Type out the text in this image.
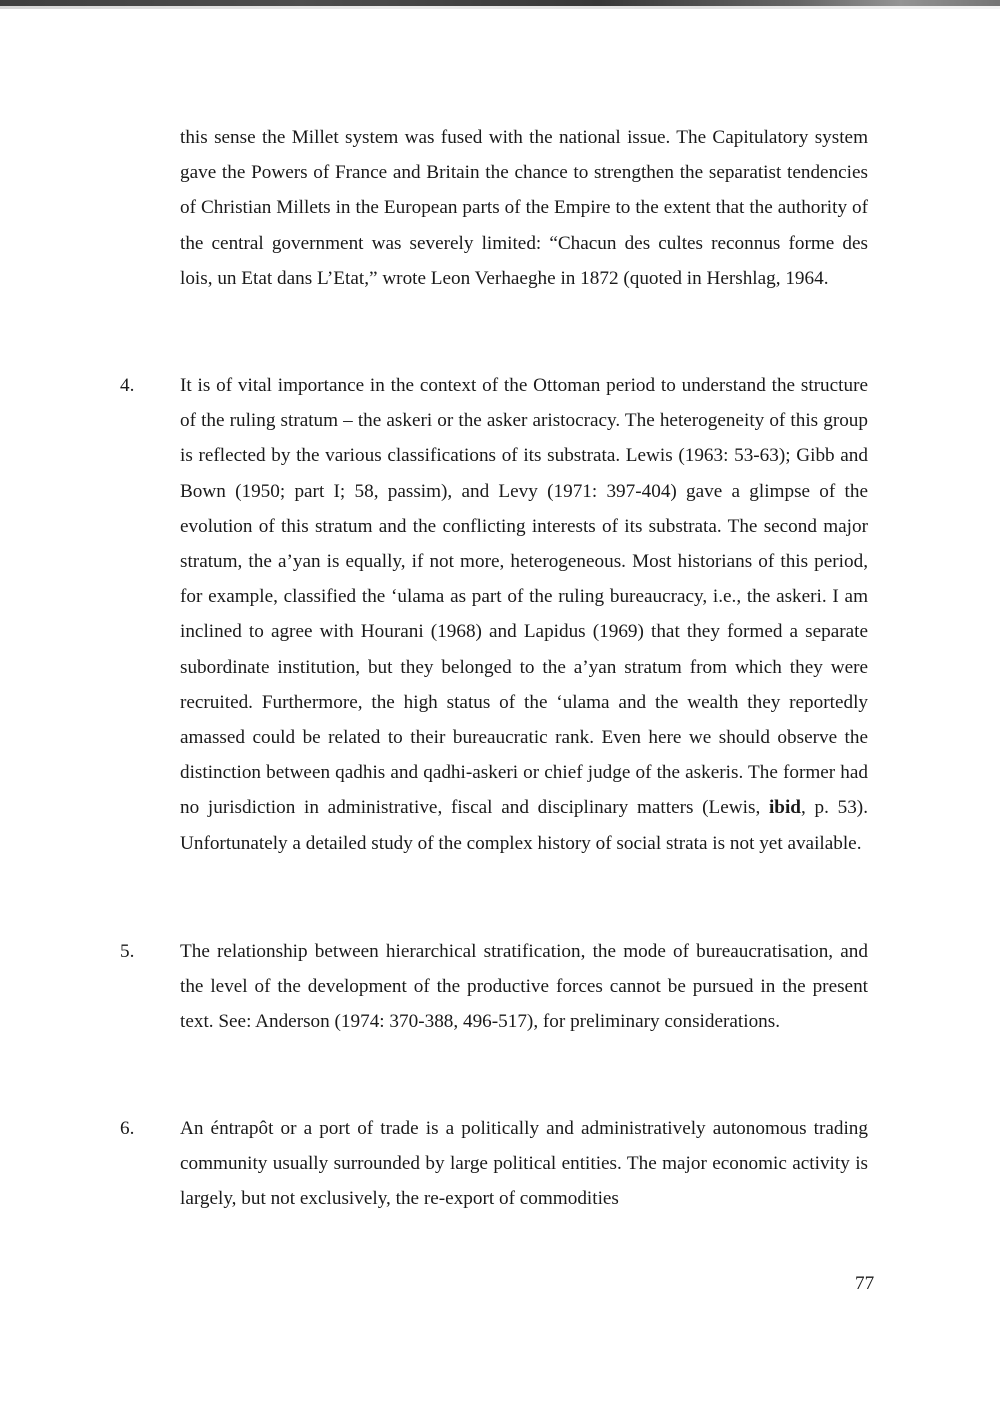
this sense the Millet system was fused with the national issue. The Capitulatory system gave the Powers of France and Britain the chance to strengthen the separatist tendencies of Christian Millets in the European parts of the Empire to the extent that the authority of the central government was severely limited: “Chacun des cultes reconnus forme des lois, un Etat dans L’Etat,” wrote Leon Verhaeghe in 1872 (quoted in Hershlag, 1964.

4. It is of vital importance in the context of the Ottoman period to understand the structure of the ruling stratum – the askeri or the asker aristocracy. The heterogeneity of this group is reflected by the various classifications of its substrata. Lewis (1963: 53-63); Gibb and Bown (1950; part I; 58, passim), and Levy (1971: 397-404) gave a glimpse of the evolution of this stratum and the conflicting interests of its substrata. The second major stratum, the a’yan is equally, if not more, heterogeneous. Most historians of this period, for example, classified the ‘ulama as part of the ruling bureaucracy, i.e., the askeri. I am inclined to agree with Hourani (1968) and Lapidus (1969) that they formed a separate subordinate institution, but they belonged to the a’yan stratum from which they were recruited. Furthermore, the high status of the ‘ulama and the wealth they reportedly amassed could be related to their bureaucratic rank. Even here we should observe the distinction between qadhis and qadhi-askeri or chief judge of the askeris. The former had no jurisdiction in administrative, fiscal and disciplinary matters (Lewis, ibid, p. 53). Unfortunately a detailed study of the complex history of social strata is not yet available.

5. The relationship between hierarchical stratification, the mode of bureaucratisation, and the level of the development of the productive forces cannot be pursued in the present text. See: Anderson (1974: 370-388, 496-517), for preliminary considerations.

6. An éntrapôt or a port of trade is a politically and administratively autonomous trading community usually surrounded by large political entities. The major economic activity is largely, but not exclusively, the re-export of commodities

77
